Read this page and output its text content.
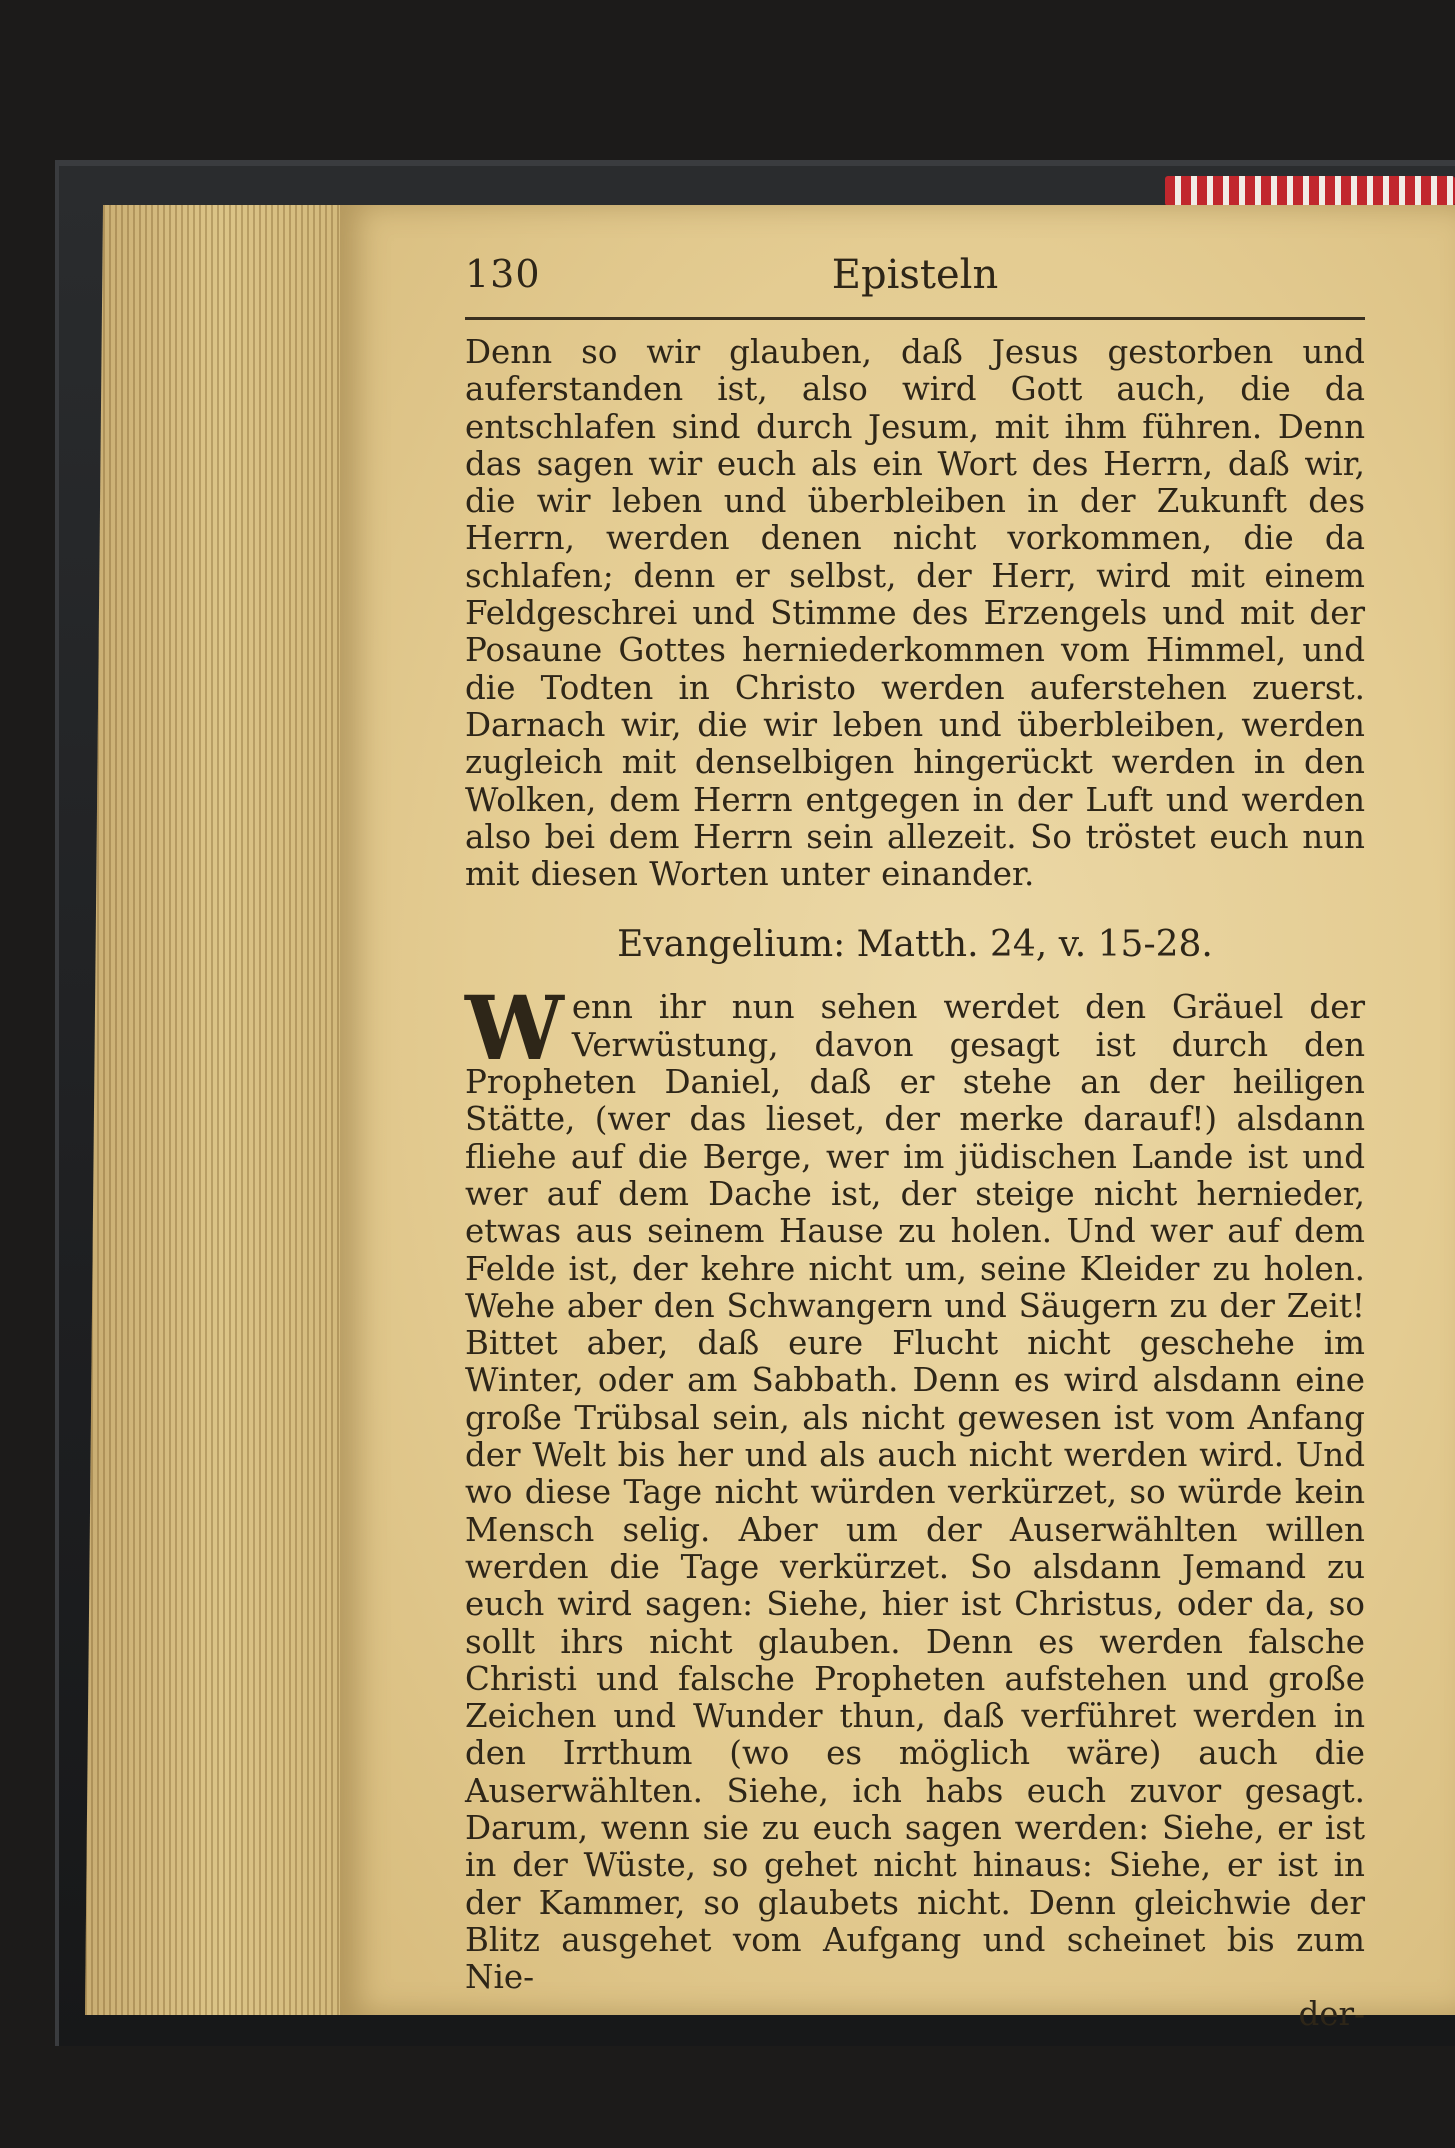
130	Episteln

Denn so wir glauben, daß Jesus gestorben und auferstanden ist, also wird Gott auch, die da entschlafen sind durch Jesum, mit ihm führen. Denn das sagen wir euch als ein Wort des Herrn, daß wir, die wir leben und überbleiben in der Zukunft des Herrn, werden denen nicht vorkommen, die da schlafen; denn er selbst, der Herr, wird mit einem Feldgeschrei und Stimme des Erzengels und mit der Posaune Gottes herniederkommen vom Himmel, und die Todten in Christo werden auferstehen zuerst. Darnach wir, die wir leben und überbleiben, werden zugleich mit denselbigen hingerückt werden in den Wolken, dem Herrn entgegen in der Luft und werden also bei dem Herrn sein allezeit. So tröstet euch nun mit diesen Worten unter einander.

Evangelium: Matth. 24, v. 15-28.
W enn ihr nun sehen werdet den Gräuel der Verwüstung, davon gesagt ist durch den Propheten Daniel, daß er stehe an der heiligen Stätte, (wer das lieset, der merke darauf!) alsdann fliehe auf die Berge, wer im jüdischen Lande ist und wer auf dem Dache ist, der steige nicht hernieder, etwas aus seinem Hause zu holen. Und wer auf dem Felde ist, der kehre nicht um, seine Kleider zu holen. Wehe aber den Schwangern und Säugern zu der Zeit! Bittet aber, daß eure Flucht nicht geschehe im Winter, oder am Sabbath. Denn es wird alsdann eine große Trübsal sein, als nicht gewesen ist vom Anfang der Welt bis her und als auch nicht werden wird. Und wo diese Tage nicht würden verkürzet, so würde kein Mensch selig. Aber um der Auserwählten willen werden die Tage verkürzet. So alsdann Jemand zu euch wird sagen: Siehe, hier ist Christus, oder da, so sollt ihrs nicht glauben. Denn es werden falsche Christi und falsche Propheten aufstehen und große Zeichen und Wunder thun, daß verführet werden in den Irrthum (wo es möglich wäre) auch die Auserwählten. Siehe, ich habs euch zuvor gesagt. Darum, wenn sie zu euch sagen werden: Siehe, er ist in der Wüste, so gehet nicht hinaus: Siehe, er ist in der Kammer, so glaubets nicht. Denn gleichwie der Blitz ausgehet vom Aufgang und scheinet bis zum Nie-

der-
